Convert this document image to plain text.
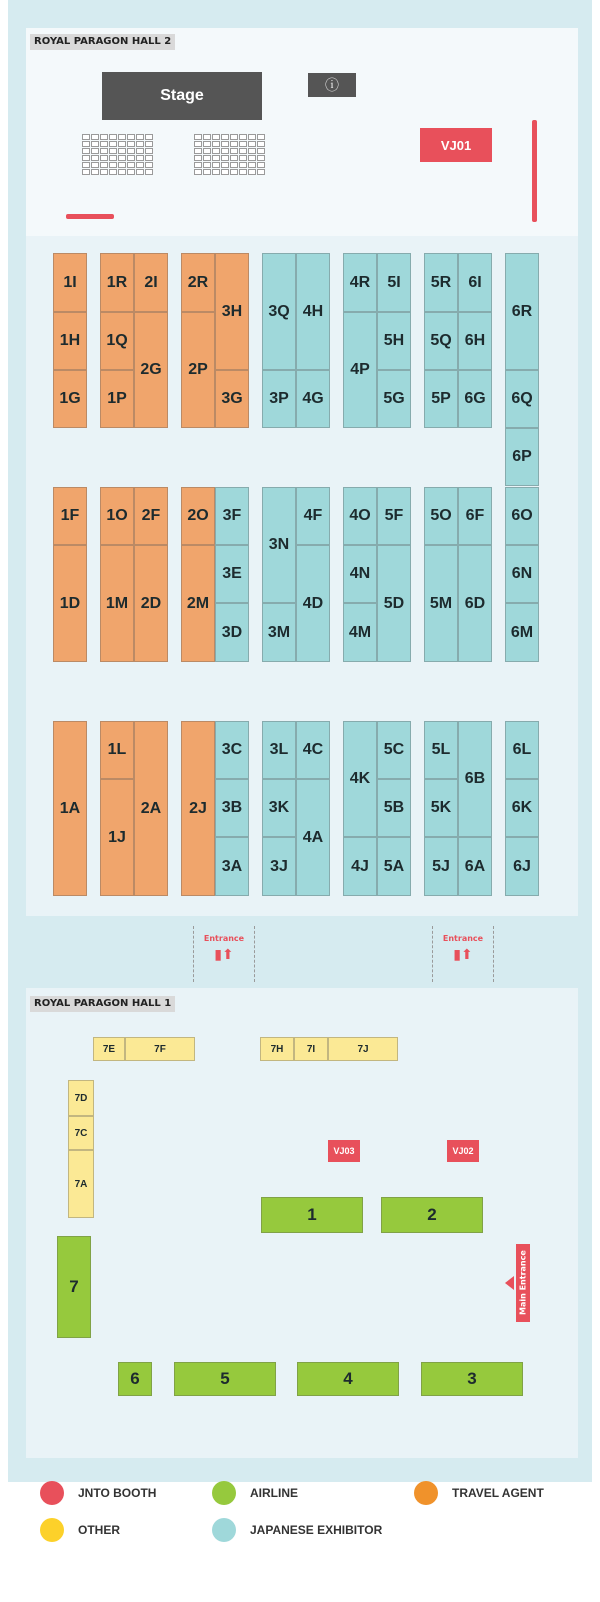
ROYAL PARAGON HALL 2
Stage
ⓘ
VJ01
1I
1H
1G
1R
1Q
1P
2I
2G
2R
2P
3H
3G
3Q
3P
4H
4G
4R
4P
5I
5H
5G
5R
5Q
5P
6I
6H
6G
6R
6Q
6P
1F
1D
1O
1M
2F
2D
2O
2M
3F
3E
3D
3N
3M
4F
4D
4O
4N
4M
5F
5D
5O
5M
6F
6D
6O
6N
6M
1A
1L
1J
2A	2J
3C
3B
3A
3L
3K
3J
4C
4A
4K
4J
5C
5B
5A
5L
5K
5J
6B
6A
6L
6K
6J
Entrance
▮⬆
Entrance
▮⬆
ROYAL PARAGON HALL 1
7E	7F	7H	7I	7J
7D
7C
7A
VJ03	VJ02
1	2
7
6	5	4	3
Main Entrance
JNTO BOOTH	AIRLINE	TRAVEL AGENT
OTHER	JAPANESE EXHIBITOR
